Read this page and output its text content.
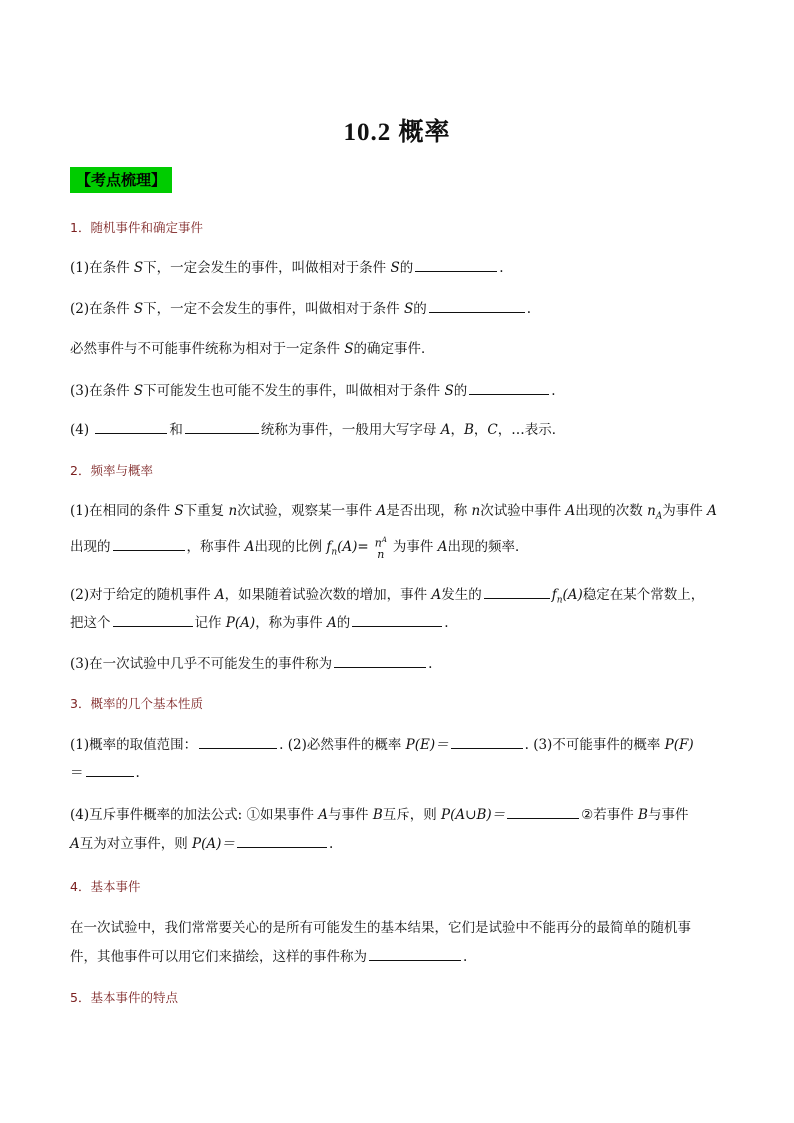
10.2 概率
【考点梳理】
1．随机事件和确定事件
(1)在条件 S下，一定会发生的事件，叫做相对于条件 S的	.
(2)在条件 S下，一定不会发生的事件，叫做相对于条件 S的	.
必然事件与不可能事件统称为相对于一定条件 S的确定事件．
(3)在条件 S下可能发生也可能不发生的事件，叫做相对于条件 S的	.
(4)	和	统称为事件，一般用大写字母 A，B，C，…表示．
2．频率与概率
(1)在相同的条件 S下重复 n次试验，观察某一事件 A是否出现，称 n次试验中事件 A出现的次数 $n_A$为事件 A
出现的	，称事件 A出现的比例 $f_n(A)= n^A$
n 为事件 A出现的频率．
(2)对于给定的随机事件 A，如果随着试验次数的增加，事件 A发生的	$f_n(A)$稳定在某个常数上，
把这个	记作 P(A)，称为事件 A的	.
(3)在一次试验中几乎不可能发生的事件称为	.
3．概率的几个基本性质
(1)概率的取值范围：	. (2)必然事件的概率 P(E)＝	. (3)不可能事件的概率 P(F)
＝	.
(4)互斥事件概率的加法公式: ①如果事件 A与事件 B互斥，则 P(A∪B)＝	②若事件 B与事件
A互为对立事件，则 P(A)＝	.
4．基本事件
在一次试验中，我们常常要关心的是所有可能发生的基本结果，它们是试验中不能再分的最简单的随机事
件，其他事件可以用它们来描绘，这样的事件称为	.
5．基本事件的特点
